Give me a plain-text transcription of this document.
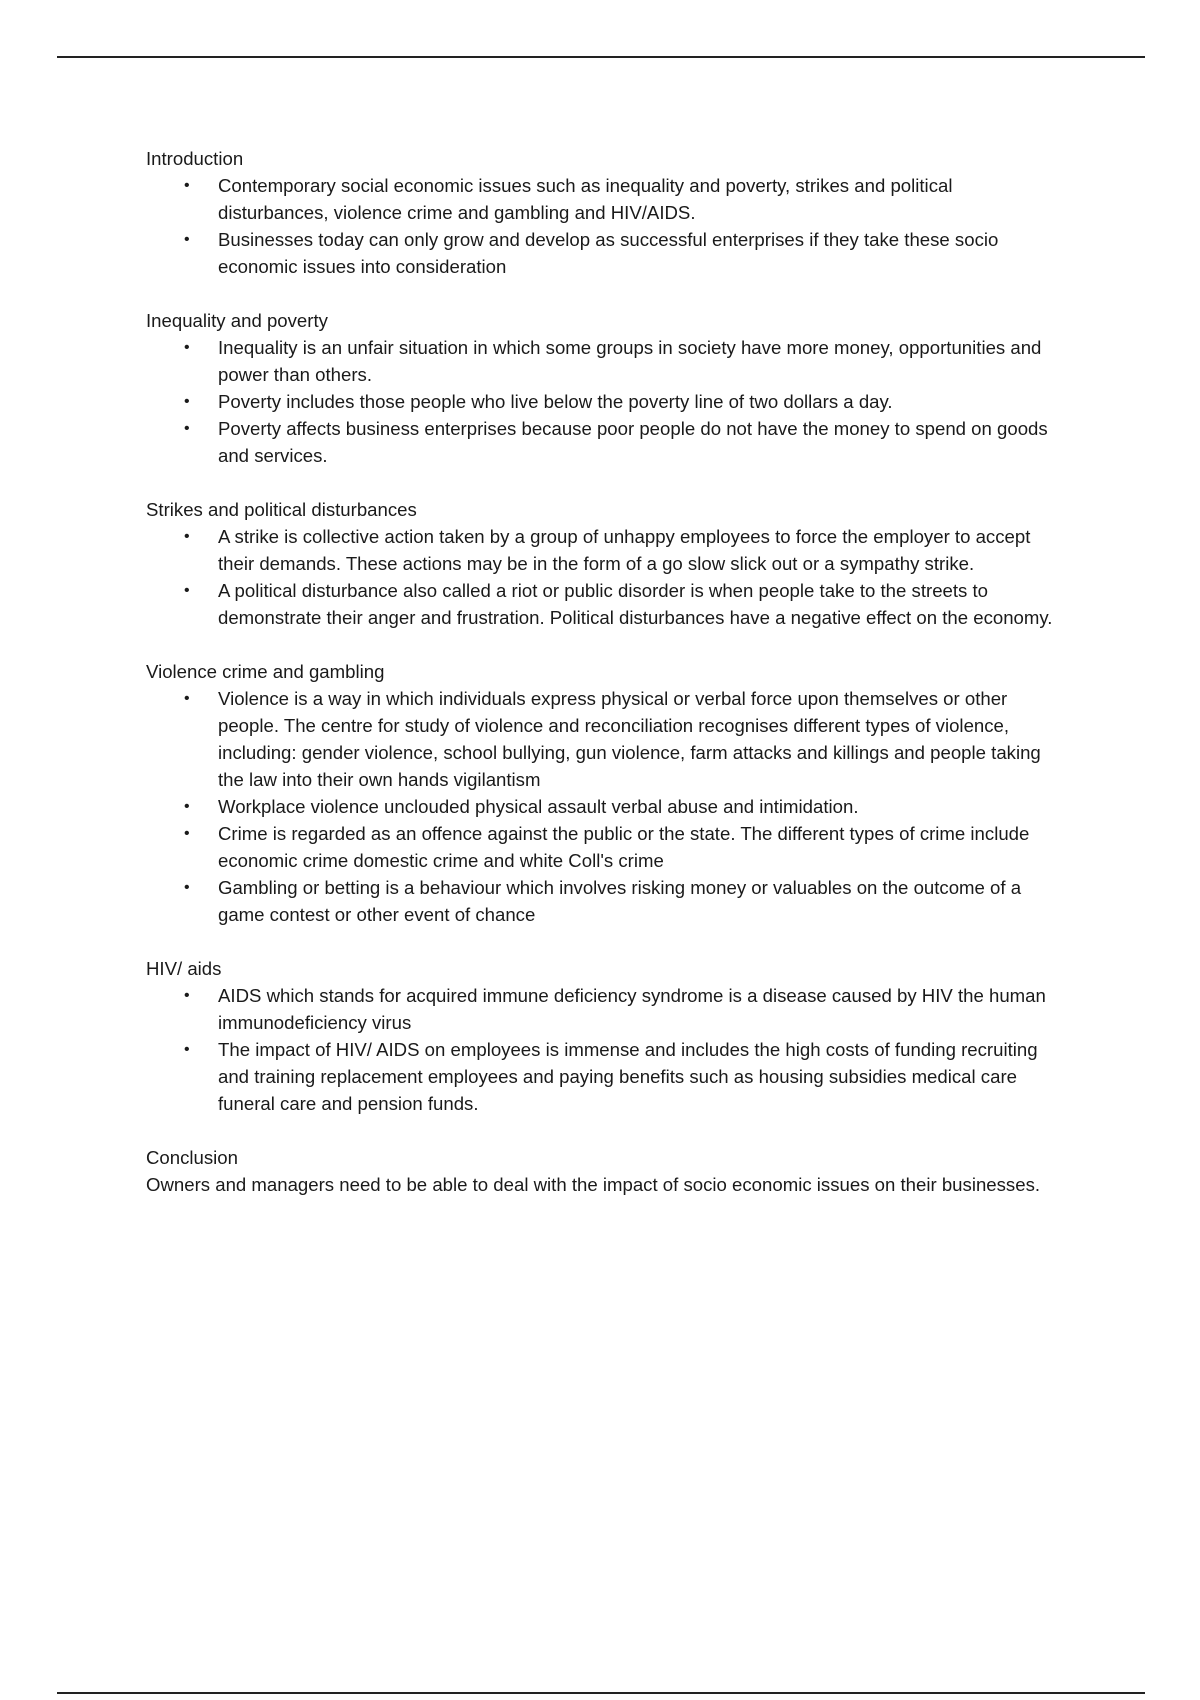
Introduction

• Contemporary social economic issues such as inequality and poverty, strikes and political disturbances, violence crime and gambling and HIV/AIDS.
• Businesses today can only grow and develop as successful enterprises if they take these socio economic issues into consideration

Inequality and poverty

• Inequality is an unfair situation in which some groups in society have more money, opportunities and power than others.
• Poverty includes those people who live below the poverty line of two dollars a day.
• Poverty affects business enterprises because poor people do not have the money to spend on goods and services.

Strikes and political disturbances

• A strike is collective action taken by a group of unhappy employees to force the employer to accept their demands. These actions may be in the form of a go slow slick out or a sympathy strike.
• A political disturbance also called a riot or public disorder is when people take to the streets to demonstrate their anger and frustration. Political disturbances have a negative effect on the economy.

Violence crime and gambling

• Violence is a way in which individuals express physical or verbal force upon themselves or other people. The centre for study of violence and reconciliation recognises different types of violence, including: gender violence, school bullying, gun violence, farm attacks and killings and people taking the law into their own hands vigilantism
• Workplace violence unclouded physical assault verbal abuse and intimidation.
• Crime is regarded as an offence against the public or the state. The different types of crime include economic crime domestic crime and white Coll's crime
• Gambling or betting is a behaviour which involves risking money or valuables on the outcome of a game contest or other event of chance

HIV/ aids

• AIDS which stands for acquired immune deficiency syndrome is a disease caused by HIV the human immunodeficiency virus
• The impact of HIV/ AIDS on employees is immense and includes the high costs of funding recruiting and training replacement employees and paying benefits such as housing subsidies medical care funeral care and pension funds.

Conclusion

Owners and managers need to be able to deal with the impact of socio economic issues on their businesses.
